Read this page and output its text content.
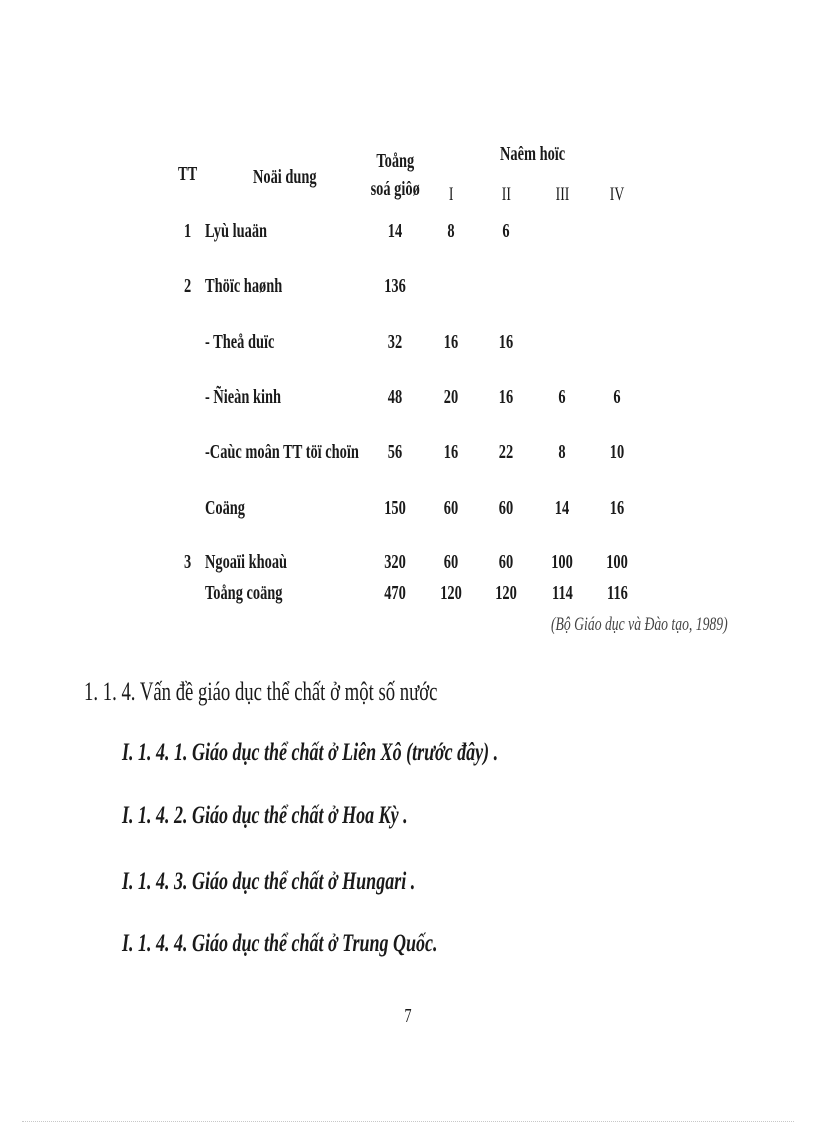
TT	Noäi dung
Toång
soá giôø
Naêm hoïc
I	II	III	IV
1 Lyù luaän	14	8	6
2 Thöïc haønh	136
- Theå duïc	32	16	16
- Ñieàn kinh	48	20	16	6	6
-Caùc moân TT töï choïn	56	16	22	8	10
Coäng	150	60	60	14	16
3 Ngoaïi khoaù	320	60	60	100	100
Toång coäng	470	120	120	114	116
(Bộ Giáo dục và Đào tạo, 1989)
1. 1. 4. Vấn đề giáo dục thể chất ở một số nước
I. 1. 4. 1. Giáo dục thể chất ở Liên Xô (trước đây) .
I. 1. 4. 2. Giáo dục thể chất ở Hoa Kỳ .
I. 1. 4. 3. Giáo dục thể chất ở Hungari .
I. 1. 4. 4. Giáo dục thể chất ở Trung Quốc.
7
